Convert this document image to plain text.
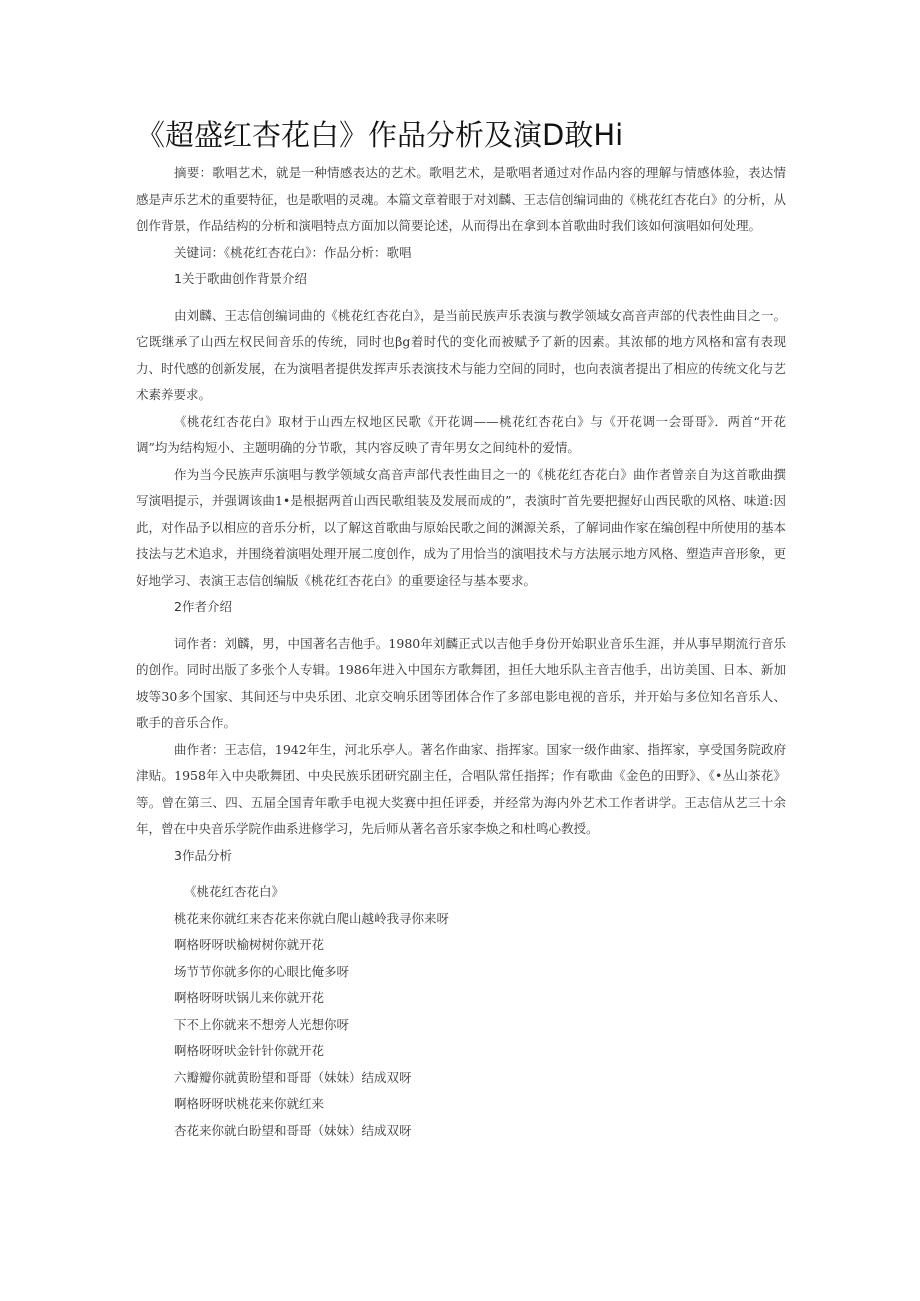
《超盛红杏花白》作品分析及演D敢Hi

摘要：歌唱艺术，就是一种情感表达的艺术。歌唱艺术，是歌唱者通过对作品内容的理解与情感体验，表达情感是声乐艺术的重要特征，也是歌唱的灵魂。本篇文章着眼于对刘麟、王志信创编词曲的《桃花红杏花白》的分析，从创作背景，作品结构的分析和演唱特点方面加以简要论述，从而得出在拿到本首歌曲时我们该如何演唱如何处理。

关键词：《桃花红杏花白》：作品分析：歌唱

1关于歌曲创作背景介绍

由刘麟、王志信创编词曲的《桃花红杏花白》，是当前民族声乐表演与教学领域女高音声部的代表性曲目之一。它既继承了山西左权民间音乐的传统，同时也βg着时代的变化而被赋予了新的因素。其浓郁的地方风格和富有表现力、时代感的创新发展，在为演唱者提供发挥声乐表演技术与能力空间的同时，也向表演者提出了相应的传统文化与艺术素养要求。

《桃花红杏花白》取材于山西左权地区民歌《开花调——桃花红杏花白》与《开花调一会哥哥》．两首“开花调”均为结构短小、主题明确的分节歌，其内容反映了青年男女之间纯朴的爱情。

作为当今民族声乐演唱与教学领域女高音声部代表性曲目之一的《桃花红杏花白》曲作者曾亲自为这首歌曲撰写演唱提示，并强调该曲1•是根据两首山西民歌组装及发展而成的”，表演时″首先要把握好山西民歌的风格、味道:因此，对作品予以相应的音乐分析，以了解这首歌曲与原始民歌之间的渊源关系，了解词曲作家在编创程中所使用的基本技法与艺术追求，并围绕着演唱处理开展二度创作，成为了用恰当的演唱技术与方法展示地方风格、塑造声音形象，更好地学习、表演王志信创编版《桃花红杏花白》的重要途径与基本要求。

2作者介绍

词作者：刘麟，男，中国著名吉他手。1980年刘麟正式以吉他手身份开始职业音乐生涯，并从事早期流行音乐的创作。同时出版了多张个人专辑。1986年进入中国东方歌舞团，担任大地乐队主音吉他手，出访美国、日本、新加坡等30多个国家、其间还与中央乐团、北京交响乐团等团体合作了多部电影电视的音乐，并开始与多位知名音乐人、歌手的音乐合作。

曲作者：王志信，1942年生，河北乐亭人。著名作曲家、指挥家。国家一级作曲家、指挥家，享受国务院政府津贴。1958年入中央歌舞团、中央民族乐团研究副主任，合唱队常任指挥；作有歌曲《金色的田野》、《•丛山茶花》等。曾在第三、四、五届全国青年歌手电视大奖赛中担任评委，并经常为海内外艺术工作者讲学。王志信从艺三十余年，曾在中央音乐学院作曲系进修学习，先后师从著名音乐家李焕之和杜鸣心教授。

3作品分析

《桃花红杏花白》

桃花来你就红来杏花来你就白爬山越岭我寻你来呀

啊格呀呀吠榆树树你就开花

场节节你就多你的心眼比俺多呀

啊格呀呀吠锅儿来你就开花

下不上你就来不想旁人光想你呀

啊格呀呀吠金针针你就开花

六瓣瓣你就黄盼望和哥哥（妹妹）结成双呀

啊格呀呀吠桃花来你就红来

杏花来你就白盼望和哥哥（妹妹）结成双呀
